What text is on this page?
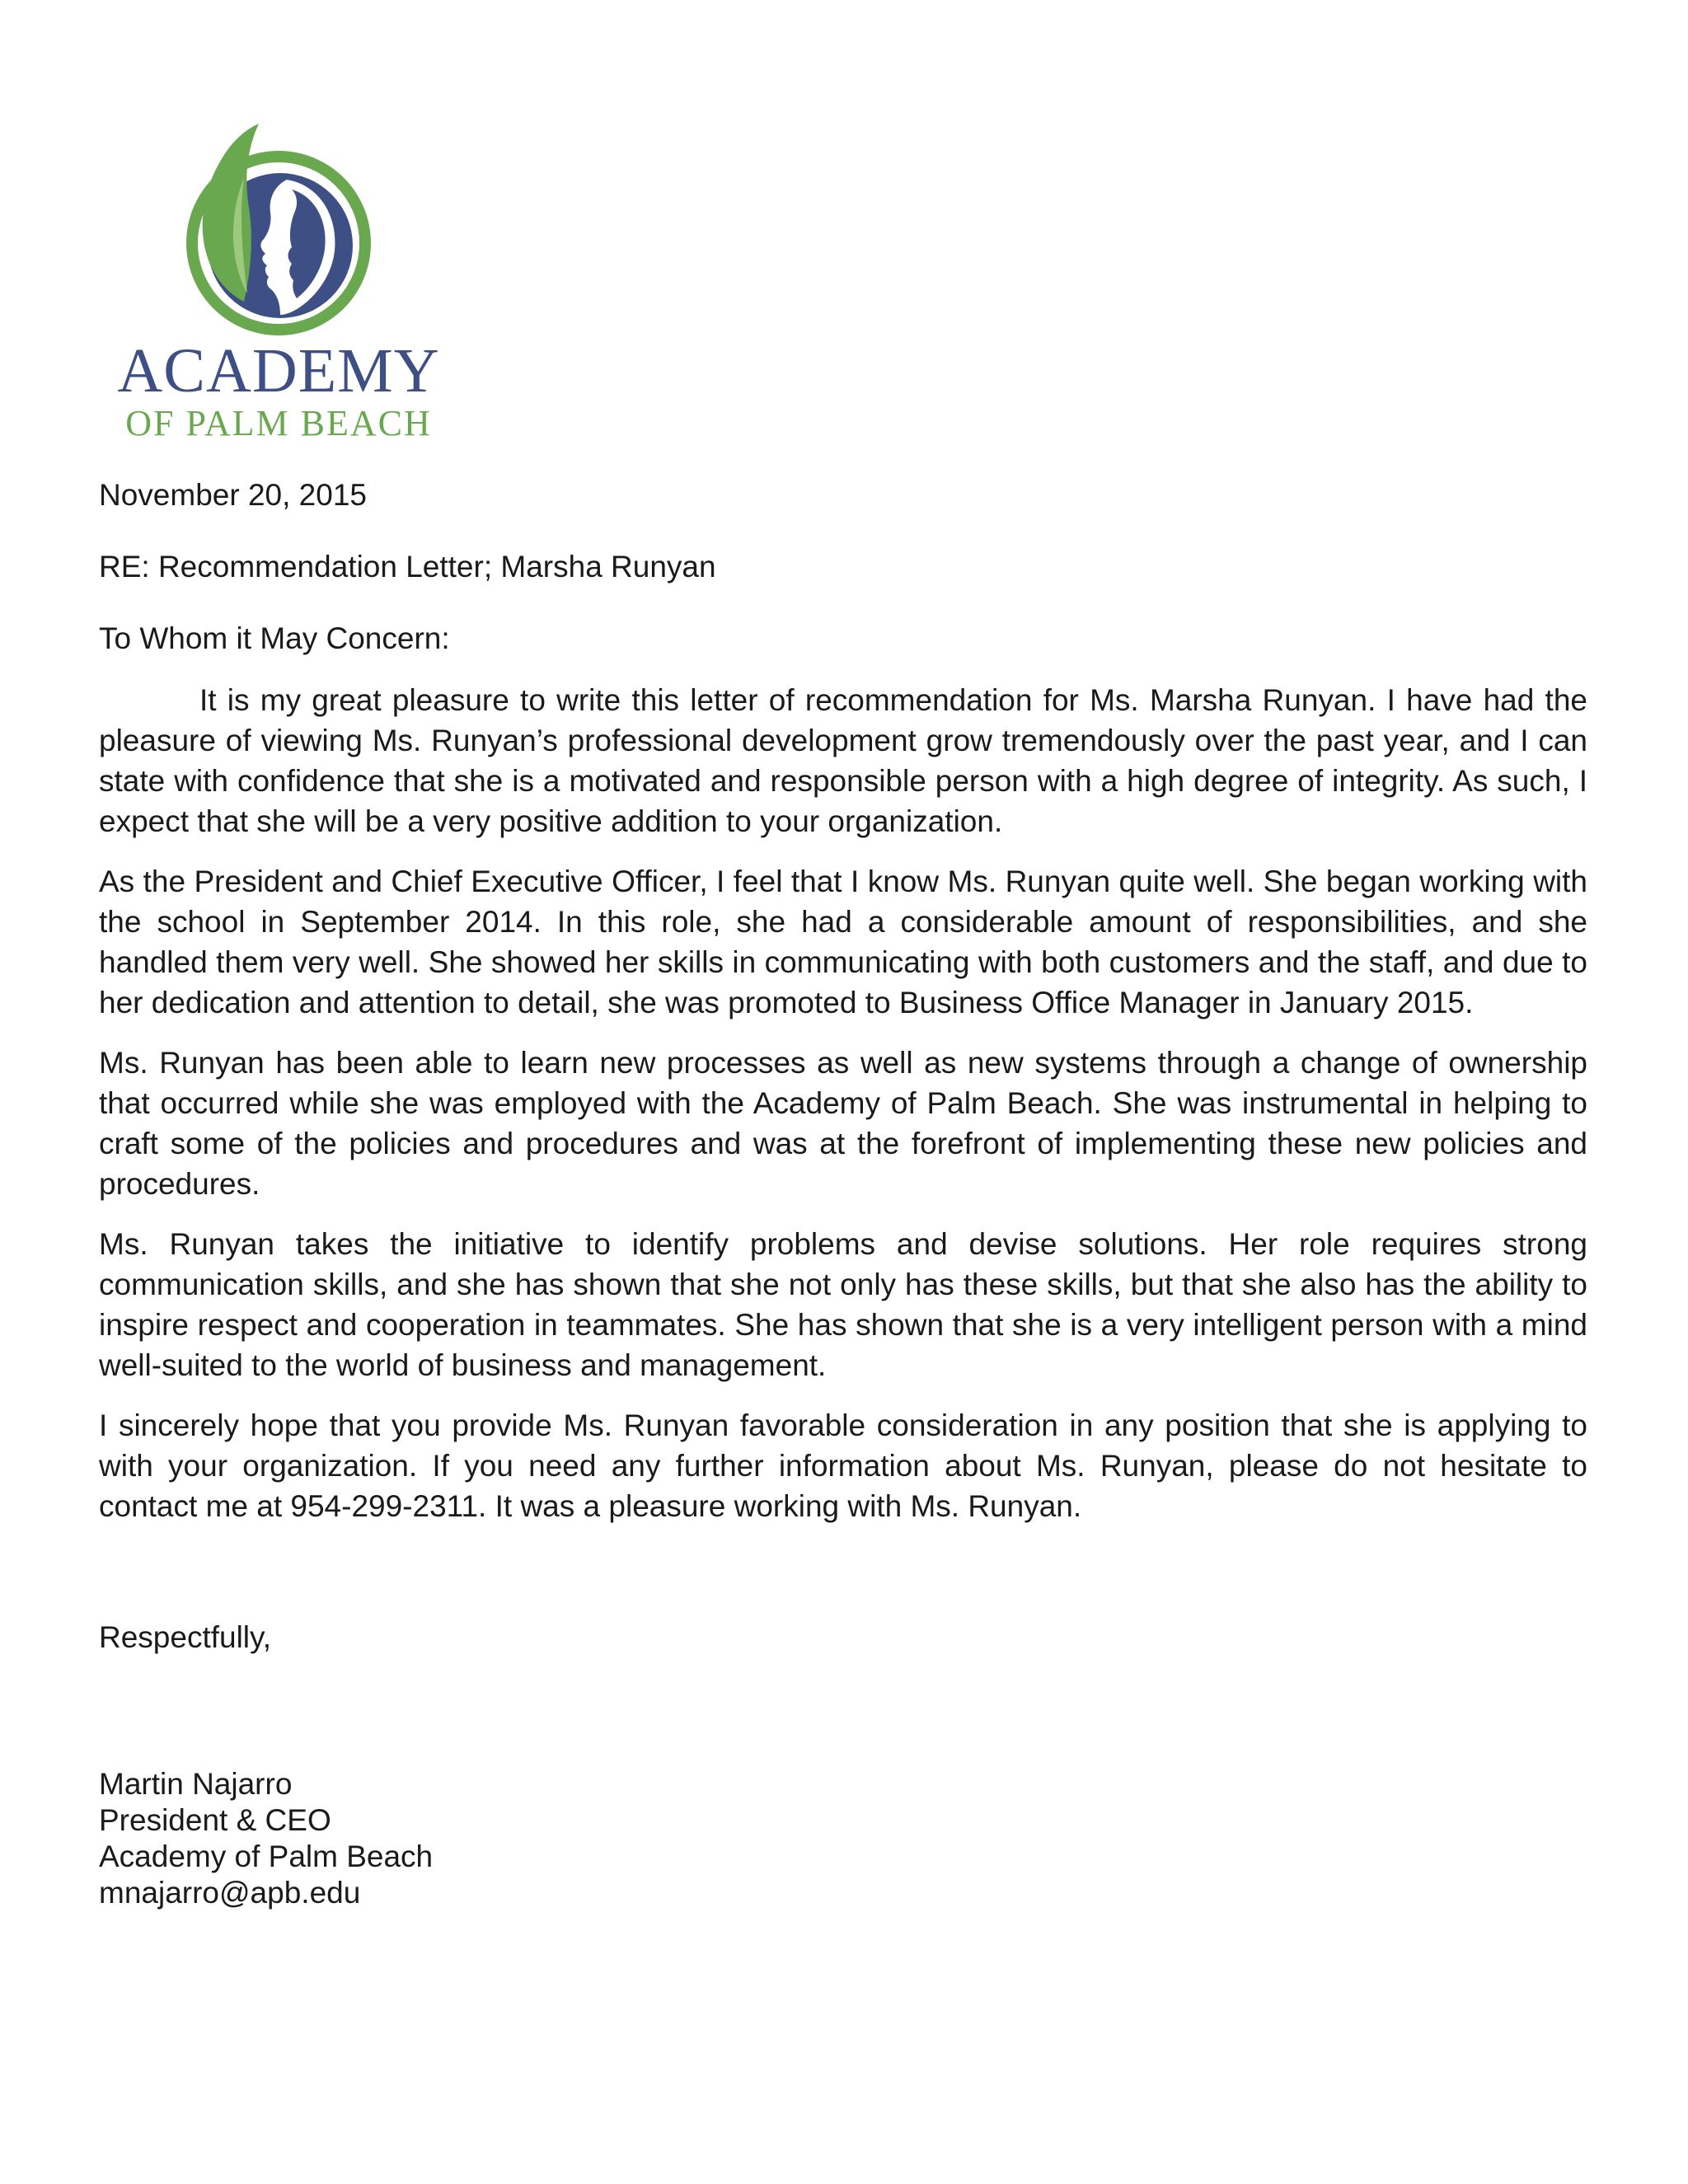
ACADEMY
OF PALM BEACH

November 20, 2015

RE: Recommendation Letter; Marsha Runyan

To Whom it May Concern:

It is my great pleasure to write this letter of recommendation for Ms. Marsha Runyan. I have had the pleasure of viewing Ms. Runyan’s professional development grow tremendously over the past year, and I can state with confidence that she is a motivated and responsible person with a high degree of integrity. As such, I expect that she will be a very positive addition to your organization.

As the President and Chief Executive Officer, I feel that I know Ms. Runyan quite well. She began working with the school in September 2014. In this role, she had a considerable amount of responsibilities, and she handled them very well. She showed her skills in communicating with both customers and the staff, and due to her dedication and attention to detail, she was promoted to Business Office Manager in January 2015.

Ms. Runyan has been able to learn new processes as well as new systems through a change of ownership that occurred while she was employed with the Academy of Palm Beach. She was instrumental in helping to craft some of the policies and procedures and was at the forefront of implementing these new policies and procedures.

Ms. Runyan takes the initiative to identify problems and devise solutions. Her role requires strong communication skills, and she has shown that she not only has these skills, but that she also has the ability to inspire respect and cooperation in teammates. She has shown that she is a very intelligent person with a mind well-suited to the world of business and management.

I sincerely hope that you provide Ms. Runyan favorable consideration in any position that she is applying to with your organization. If you need any further information about Ms. Runyan, please do not hesitate to contact me at 954-299-2311. It was a pleasure working with Ms. Runyan.

Respectfully,

Martin Najarro

President & CEO

Academy of Palm Beach

mnajarro@apb.edu
